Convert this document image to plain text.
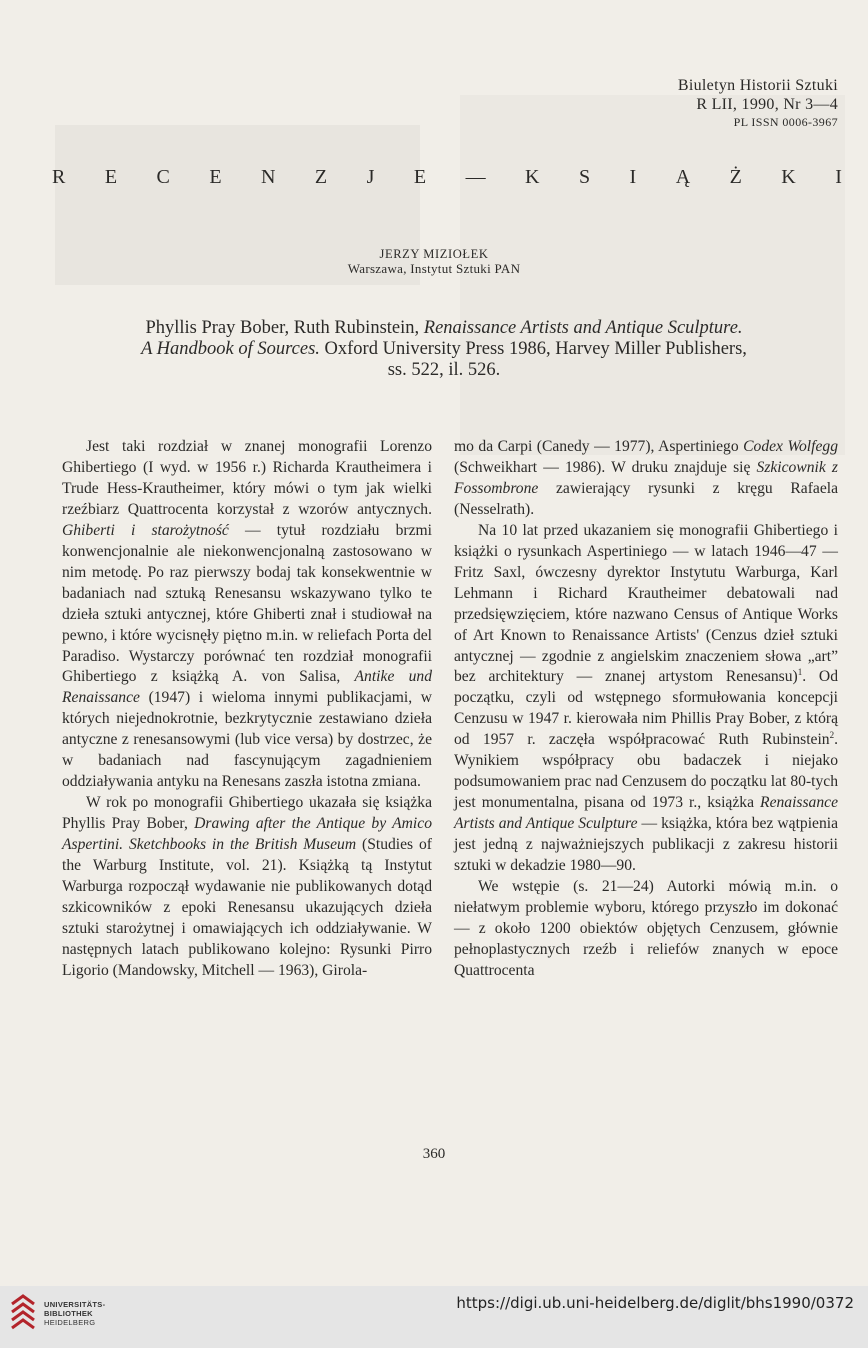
Biuletyn Historii Sztuki
R LII, 1990, Nr 3—4
PL ISSN 0006-3967
R E C E N Z J E — K S I Ą Ż K I
JERZY MIZIOŁEK
Warszawa, Instytut Sztuki PAN

Phyllis Pray Bober, Ruth Rubinstein, Renaissance Artists and Antique Sculpture.

A Handbook of Sources. Oxford University Press 1986, Harvey Miller Publishers,

ss. 522, il. 526.

Jest taki rozdział w znanej monografii Lorenzo Ghibertiego (I wyd. w 1956 r.) Richarda Krautheimera i Trude Hess-Krautheimer, który mówi o tym jak wielki rzeźbiarz Quattrocenta korzystał z wzorów antycznych. Ghiberti i starożytność — tytuł rozdziału brzmi konwencjonalnie ale niekonwencjonalną zastosowano w nim metodę. Po raz pierwszy bodaj tak konsekwentnie w badaniach nad sztuką Renesansu wskazywano tylko te dzieła sztuki antycznej, które Ghiberti znał i studiował na pewno, i które wycisnęły piętno m.in. w reliefach Porta del Paradiso. Wystarczy porównać ten rozdział monografii Ghibertiego z książką A. von Salisa, Antike und Renaissance (1947) i wieloma innymi publikacjami, w których niejednokrotnie, bezkrytycznie zestawiano dzieła antyczne z renesansowymi (lub vice versa) by dostrzec, że w badaniach nad fascynującym zagadnieniem oddziaływania antyku na Renesans zaszła istotna zmiana.

W rok po monografii Ghibertiego ukazała się książka Phyllis Pray Bober, Drawing after the Antique by Amico Aspertini. Sketchbooks in the British Museum (Studies of the Warburg Institute, vol. 21). Książką tą Instytut Warburga rozpoczął wydawanie nie publikowanych dotąd szkicowników z epoki Renesansu ukazujących dzieła sztuki starożytnej i omawiających ich oddziaływanie. W następnych latach publikowano kolejno: Rysunki Pirro Ligorio (Mandowsky, Mitchell — 1963), Girola-

mo da Carpi (Canedy — 1977), Aspertiniego Codex Wolfegg (Schweikhart — 1986). W druku znajduje się Szkicownik z Fossombrone zawierający rysunki z kręgu Rafaela (Nesselrath).

Na 10 lat przed ukazaniem się monografii Ghibertiego i książki o rysunkach Aspertiniego — w latach 1946—47 — Fritz Saxl, ówczesny dyrektor Instytutu Warburga, Karl Lehmann i Richard Krautheimer debatowali nad przedsięwzięciem, które nazwano Census of Antique Works of Art Known to Renaissance Artists' (Cenzus dzieł sztuki antycznej — zgodnie z angielskim znaczeniem słowa „art” bez architektury — znanej artystom Renesansu)$^1$. Od początku, czyli od wstępnego sformułowania koncepcji Cenzusu w 1947 r. kierowała nim Phillis Pray Bober, z którą od 1957 r. zaczęła współpracować Ruth Rubinstein$^2$. Wynikiem współpracy obu badaczek i niejako podsumowaniem prac nad Cenzusem do początku lat 80-tych jest monumentalna, pisana od 1973 r., książka Renaissance Artists and Antique Sculpture — książka, która bez wątpienia jest jedną z najważniejszych publikacji z zakresu historii sztuki w dekadzie 1980—90.

We wstępie (s. 21—24) Autorki mówią m.in. o niełatwym problemie wyboru, którego przyszło im dokonać — z około 1200 obiektów objętych Cenzusem, głównie pełnoplastycznych rzeźb i reliefów znanych w epoce Quattrocenta

360
UNIVERSITÄTS-
BIBLIOTHEK
HEIDELBERG
https://digi.ub.uni-heidelberg.de/diglit/bhs1990/0372
